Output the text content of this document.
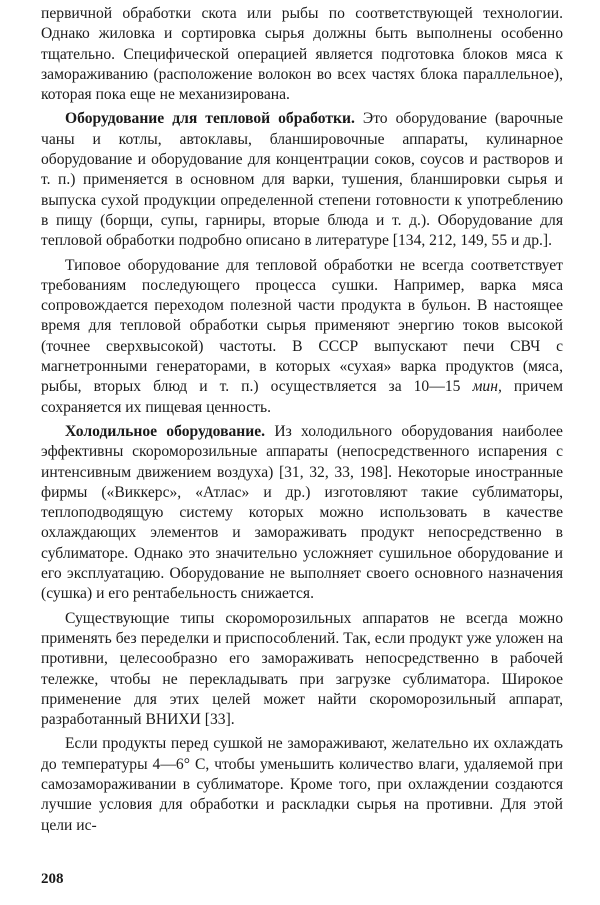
первичной обработки скота или рыбы по соответствующей технологии. Однако жиловка и сортировка сырья должны быть выполнены особенно тщательно. Специфической операцией является подготовка блоков мяса к замораживанию (расположение волокон во всех частях блока параллельное), которая пока еще не механизирована.

Оборудование для тепловой обработки. Это оборудование (варочные чаны и котлы, автоклавы, бланшировочные аппараты, кулинарное оборудование и оборудование для концентрации соков, соусов и растворов и т. п.) применяется в основном для варки, тушения, бланшировки сырья и выпуска сухой продукции определенной степени готовности к употреблению в пищу (борщи, супы, гарниры, вторые блюда и т. д.). Оборудование для тепловой обработки подробно описано в литературе [134, 212, 149, 55 и др.].

Типовое оборудование для тепловой обработки не всегда соответствует требованиям последующего процесса сушки. Например, варка мяса сопровождается переходом полезной части продукта в бульон. В настоящее время для тепловой обработки сырья применяют энергию токов высокой (точнее сверхвысокой) частоты. В СССР выпускают печи СВЧ с магнетронными генераторами, в которых «сухая» варка продуктов (мяса, рыбы, вторых блюд и т. п.) осуществляется за 10—15 мин, причем сохраняется их пищевая ценность.

Холодильное оборудование. Из холодильного оборудования наиболее эффективны скороморозильные аппараты (непосредственного испарения с интенсивным движением воздуха) [31, 32, 33, 198]. Некоторые иностранные фирмы («Виккерс», «Атлас» и др.) изготовляют такие сублиматоры, теплоподводящую систему которых можно использовать в качестве охлаждающих элементов и замораживать продукт непосредственно в сублиматоре. Однако это значительно усложняет сушильное оборудование и его эксплуатацию. Оборудование не выполняет своего основного назначения (сушка) и его рентабельность снижается.

Существующие типы скороморозильных аппаратов не всегда можно применять без переделки и приспособлений. Так, если продукт уже уложен на противни, целесообразно его замораживать непосредственно в рабочей тележке, чтобы не перекладывать при загрузке сублиматора. Широкое применение для этих целей может найти скороморозильный аппарат, разработанный ВНИХИ [33].

Если продукты перед сушкой не замораживают, желательно их охлаждать до температуры 4—6° С, чтобы уменьшить количество влаги, удаляемой при самозамораживании в сублиматоре. Кроме того, при охлаждении создаются лучшие условия для обработки и раскладки сырья на противни. Для этой цели ис-

208
